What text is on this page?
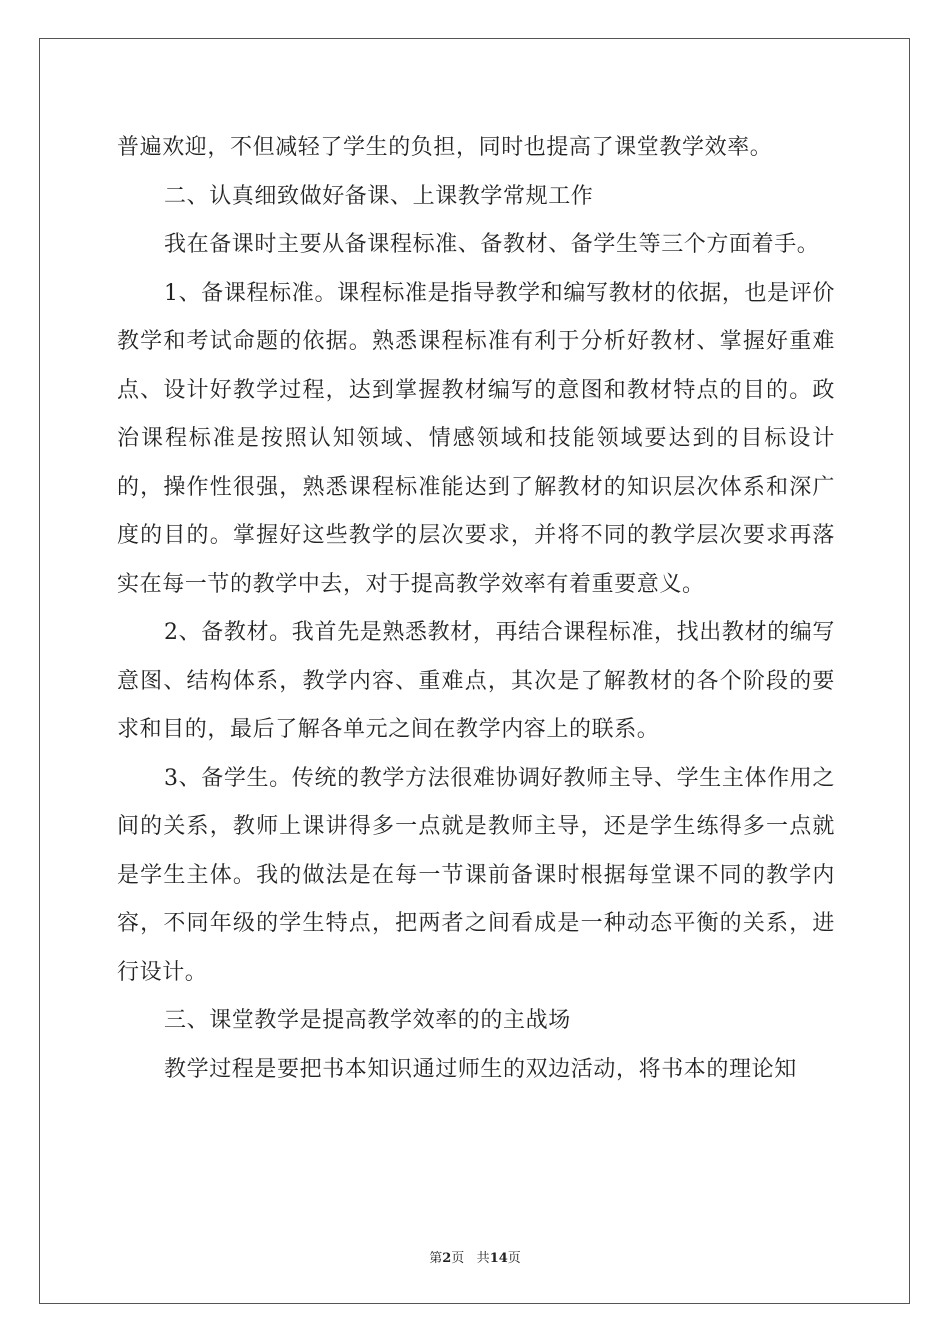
普遍欢迎，不但减轻了学生的负担，同时也提高了课堂教学效率。

二、认真细致做好备课、上课教学常规工作

我在备课时主要从备课程标准、备教材、备学生等三个方面着手。

1、备课程标准。课程标准是指导教学和编写教材的依据，也是评价教学和考试命题的依据。熟悉课程标准有利于分析好教材、掌握好重难点、设计好教学过程，达到掌握教材编写的意图和教材特点的目的。政治课程标准是按照认知领域、情感领域和技能领域要达到的目标设计的，操作性很强，熟悉课程标准能达到了解教材的知识层次体系和深广度的目的。掌握好这些教学的层次要求，并将不同的教学层次要求再落实在每一节的教学中去，对于提高教学效率有着重要意义。

2、备教材。我首先是熟悉教材，再结合课程标准，找出教材的编写意图、结构体系，教学内容、重难点，其次是了解教材的各个阶段的要求和目的，最后了解各单元之间在教学内容上的联系。

3、备学生。传统的教学方法很难协调好教师主导、学生主体作用之间的关系，教师上课讲得多一点就是教师主导，还是学生练得多一点就是学生主体。我的做法是在每一节课前备课时根据每堂课不同的教学内容，不同年级的学生特点，把两者之间看成是一种动态平衡的关系，进行设计。

三、课堂教学是提高教学效率的的主战场

教学过程是要把书本知识通过师生的双边活动，将书本的理论知

第2页 共14页
